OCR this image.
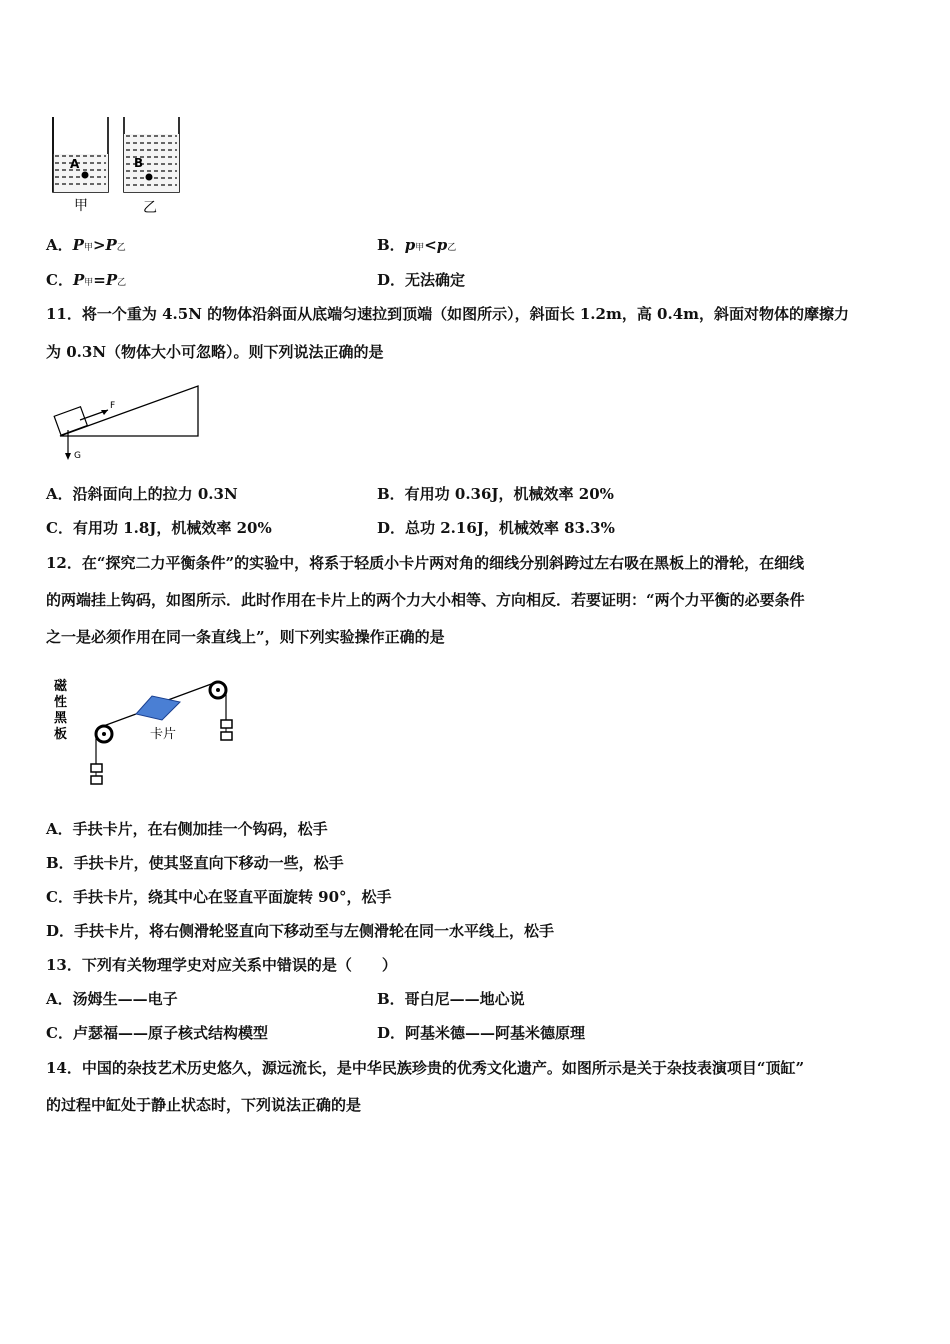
A	B
甲	乙
A．P甲>P乙	B．p甲<p乙
C．P甲=P乙	D．无法确定
11．将一个重为 4.5N 的物体沿斜面从底端匀速拉到顶端（如图所示），斜面长 1.2m，高 0.4m，斜面对物体的摩擦力
为 0.3N（物体大小可忽略）。则下列说法正确的是
F
G
A．沿斜面向上的拉力 0.3N	B．有用功 0.36J，机械效率 20%
C．有用功 1.8J，机械效率 20%	D．总功 2.16J，机械效率 83.3%
12．在“探究二力平衡条件”的实验中，将系于轻质小卡片两对角的细线分别斜跨过左右吸在黑板上的滑轮，在细线
的两端挂上钩码，如图所示．此时作用在卡片上的两个力大小相等、方向相反．若要证明：“两个力平衡的必要条件
之一是必须作用在同一条直线上”，则下列实验操作正确的是
磁
性
黑
板	卡片
A．手扶卡片，在右侧加挂一个钩码，松手
B．手扶卡片，使其竖直向下移动一些，松手
C．手扶卡片，绕其中心在竖直平面旋转 90°，松手
D．手扶卡片，将右侧滑轮竖直向下移动至与左侧滑轮在同一水平线上，松手
13．下列有关物理学史对应关系中错误的是（　　）
A．汤姆生——电子	B．哥白尼——地心说
C．卢瑟福——原子核式结构模型	D．阿基米德——阿基米德原理
14．中国的杂技艺术历史悠久，源远流长，是中华民族珍贵的优秀文化遗产。如图所示是关于杂技表演项目“顶缸”
的过程中缸处于静止状态时，下列说法正确的是
